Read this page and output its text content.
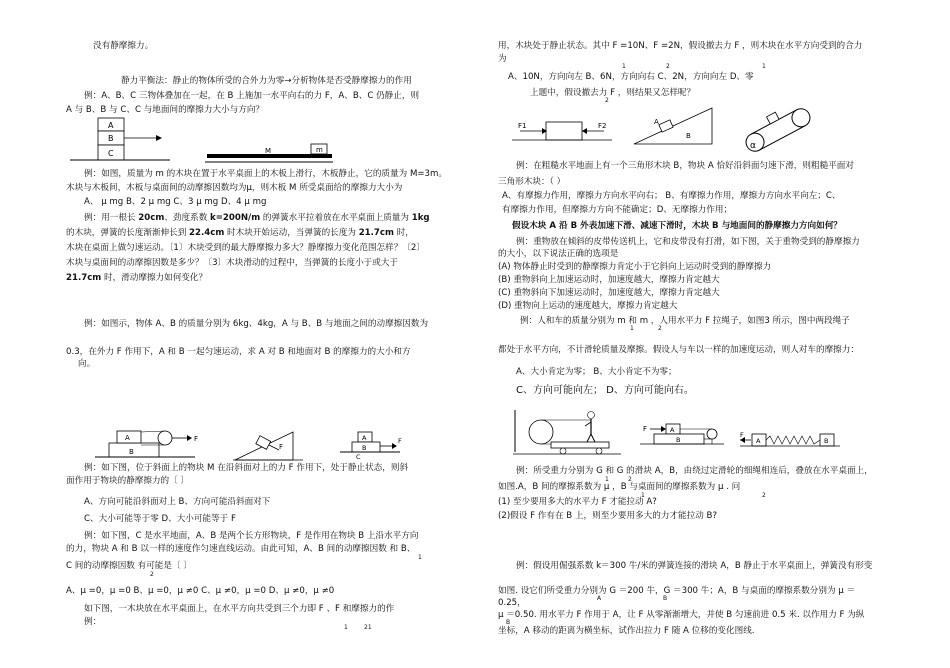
没有静摩擦力。
静力平衡法：静止的物体所受的合外力为零→分析物体是否受静摩擦力的作用
例：A、B、C 三物体叠加在一起，在 B 上施加一水平向右的力 F，A、B、C 仍静止，则
A 与 B、B 与 C、C 与地面间的摩擦力大小与方向？
例：如图，质量为 m 的木块在置于水平桌面上的木板上滑行，木板静止，它的质量为 M=3m。
木块与木板间，木板与桌面间的动摩擦因数均为μ，则木板 M 所受桌面给的摩擦力大小为
A、 μ mg B、2 μ mg C、3 μ mg D、4 μ mg
例：用一根长 20cm、劲度系数 k=200N/m 的弹簧水平拉着放在水平桌面上质量为 1kg
的木块，弹簧的长度渐渐伸长到 22.4cm 时木块开始运动，当弹簧的长度为 21.7cm 时，
木块在桌面上做匀速运动。〔1〕木块受到的最大静摩擦力多大？静摩擦力变化范围怎样？〔2〕
木块与桌面间的动摩擦因数是多少？〔3〕木块滑动的过程中，当弹簧的长度小于或大于
21.7cm 时，滑动摩擦力如何变化？
例：如图示，物体 A、B 的质量分别为 6kg、4kg，A 与 B、B 与地面之间的动摩擦因数为
0.3，在外力 F 作用下，A 和 B 一起匀速运动，求 A 对 B 和地面对 B 的摩擦力的大小和方
向。
例：如下图，位于斜面上的物块 M 在沿斜面对上的力 F 作用下，处于静止状态，则斜
面作用于物块的静摩擦力的〔 〕
A、方向可能沿斜面对上 B、方向可能沿斜面对下
C、大小可能等于零 D、大小可能等于 F
例：如下图，C 是水平地面，A、B 是两个长方形物块，F 是作用在物块 B 上沿水平方向
的力，物块 A 和 B 以一样的速度作匀速直线运动。由此可知，A、B 间的动摩擦因数 和 B、
1
C 间的动摩擦因数 有可能是〔 〕
2
A、μ =0，μ =0 B、μ =0，μ ≠0 C、μ ≠0，μ =0 D、μ ≠0，μ ≠0
如下图，一木块放在水平桌面上，在水平方向共受到三个力即 F 、F 和摩擦力的作
例：
1	21
A
B
C	m
M
A
B
F
F
A
B
C
F
用，木块处于静止状态。其中 F =10N、F =2N，假设撤去力 F ，则木块在水平方向受到的合力
为
1	2	1
A、10N，方向向左 B、6N，方向向右 C、2N，方向向左 D、零
上题中，假设撤去力 F ，则结果又怎样呢？
2
例：在粗糙水平地面上有一个三角形木块 B，物块 A 恰好沿斜面匀速下滑，则粗糙平面对
三角形木块：（ ）
A、有摩擦力作用，摩擦力方向水平向右； B、有摩擦力作用，摩擦力方向水平向左；C、
有摩擦力作用，但摩擦力方向不能确定；D、无摩擦力作用；
假设木块 A 沿 B 外表加速下滑、减速下滑时，木块 B 与地面间的静摩擦力方向如何？
例：重物放在倾斜的皮带传送机上，它和皮带没有打滑，如下图，关于重物受到的静摩擦力
的大小，以下说法正确的选项是
(A) 物体静止时受到的静摩擦力肯定小于它斜向上运动时受到的静摩擦力
(B) 重物斜向上加速运动时，加速度越大，摩擦力肯定越大
(C) 重物斜向下加速运动时，加速度越大，摩擦力肯定越大
(D) 重物向上运动的速度越大，摩擦力肯定越大
例：人和车的质量分别为 m 和 m ，人用水平力 F 拉绳子，如图3 所示，图中两段绳子
1	2
都处于水平方向，不计滑轮质量及摩擦。假设人与车以一样的加速度运动，则人对车的摩擦力：
A、大小肯定为零； B、大小肯定不为零；
C、方向可能向左； D、方向可能向右。
例：所受重力分别为 G 和 G 的滑块 A，B，由绕过定滑轮的细绳相连后，叠放在水平桌面上，
1	2
如图.A，B 间的摩擦系数为 μ ，B 与桌面间的摩擦系数为 μ . 问
1	2
(1) 至少要用多大的水平力 F 才能拉动 A?
(2)假设 F 作有在 B 上，则至少要用多大的力才能拉动 B?
例：假设用倔强系数 k＝300 牛/米的弹簧连接的滑块 A，B 静止于水平桌面上，弹簧没有形变
如图. 设它们所受重力分别为 G ＝200 牛，G ＝300 牛；A，B 与桌面的摩擦系数分别为 μ ＝
A	B
0.25，
μ ＝0.50. 用水平力 F 作用于 A，让 F 从零渐渐增大，并使 B 匀速前进 0.5 米. 以作用力 F 为纵
B
坐标，A 移动的距离为横坐标，试作出拉力 F 随 A 位移的变化图线.
F1	F2	A
B
α
F	A
B
F
A	B
